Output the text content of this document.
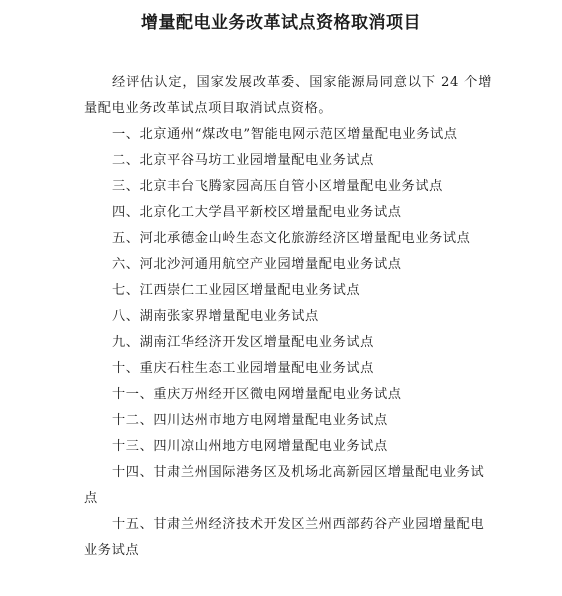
增量配电业务改革试点资格取消项目
经评估认定，国家发展改革委、国家能源局同意以下 24 个增量配电业务改革试点项目取消试点资格。
一、北京通州“煤改电”智能电网示范区增量配电业务试点
二、北京平谷马坊工业园增量配电业务试点
三、北京丰台飞腾家园高压自管小区增量配电业务试点
四、北京化工大学昌平新校区增量配电业务试点
五、河北承德金山岭生态文化旅游经济区增量配电业务试点
六、河北沙河通用航空产业园增量配电业务试点
七、江西崇仁工业园区增量配电业务试点
八、湖南张家界增量配电业务试点
九、湖南江华经济开发区增量配电业务试点
十、重庆石柱生态工业园增量配电业务试点
十一、重庆万州经开区微电网增量配电业务试点
十二、四川达州市地方电网增量配电业务试点
十三、四川凉山州地方电网增量配电业务试点
十四、甘肃兰州国际港务区及机场北高新园区增量配电业务试点
十五、甘肃兰州经济技术开发区兰州西部药谷产业园增量配电业务试点
